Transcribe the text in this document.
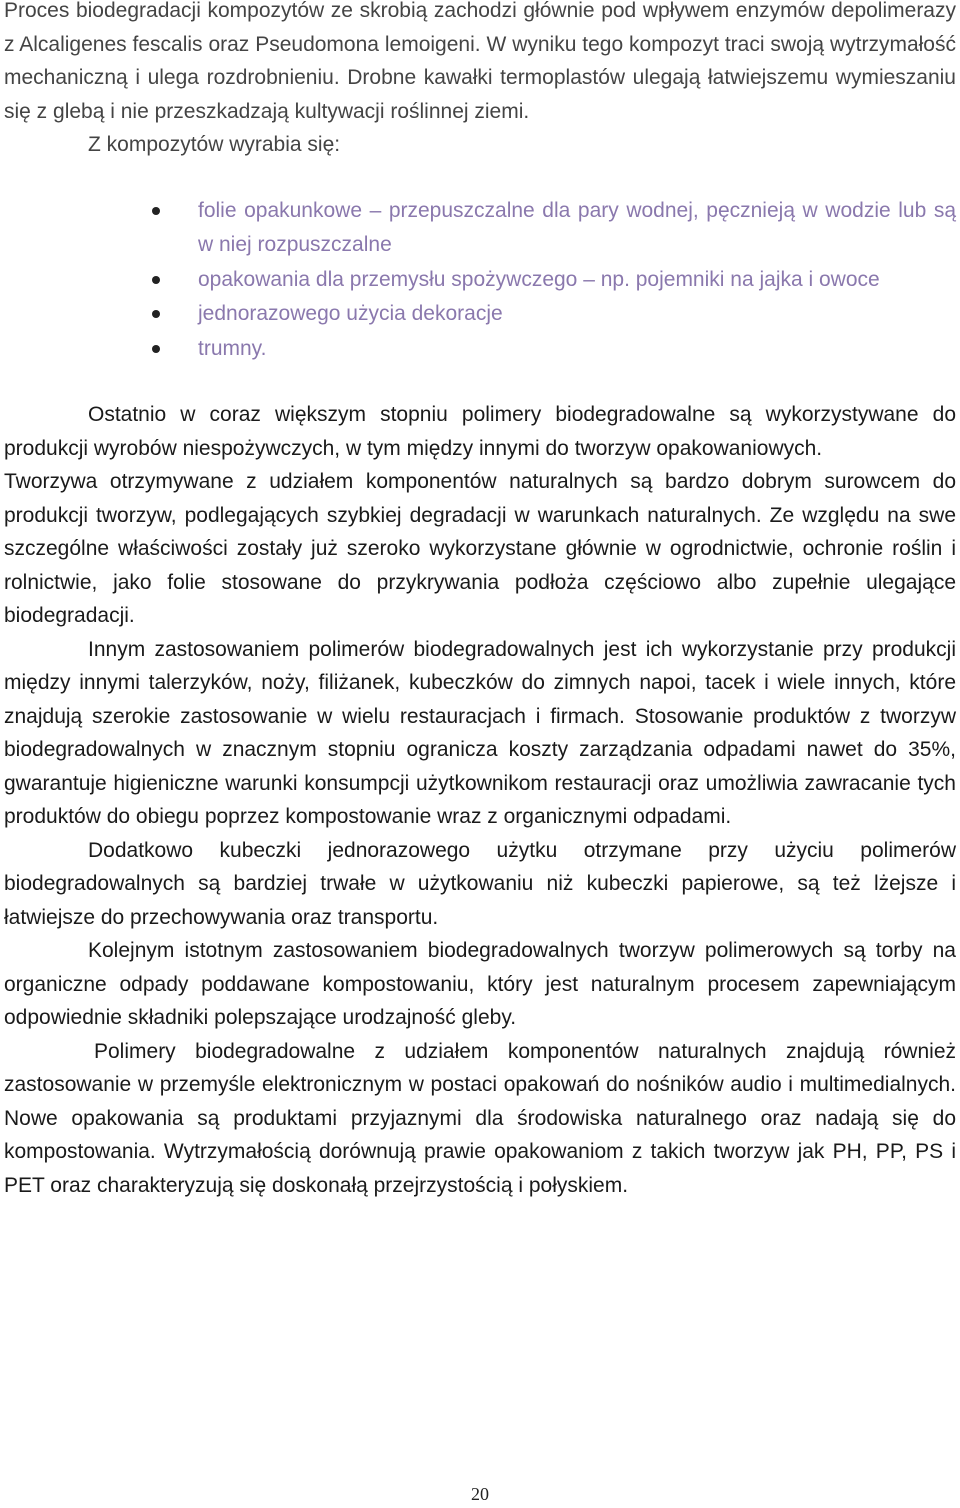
Proces biodegradacji kompozytów ze skrobią zachodzi głównie pod wpływem enzymów depolimerazy z Alcaligenes fescalis oraz Pseudomona lemoigeni. W wyniku tego kompozyt traci swoją wytrzymałość mechaniczną i ulega rozdrobnieniu. Drobne kawałki termoplastów ulegają łatwiejszemu wymieszaniu się z glebą i nie przeszkadzają kultywacji roślinnej ziemi.

Z kompozytów wyrabia się:

folie opakunkowe – przepuszczalne dla pary wodnej, pęcznieją w wodzie lub są w niej rozpuszczalne
opakowania dla przemysłu spożywczego – np. pojemniki na jajka i owoce
jednorazowego użycia dekoracje
trumny.

Ostatnio w coraz większym stopniu polimery biodegradowalne są wykorzystywane do produkcji wyrobów niespożywczych, w tym między innymi do tworzyw opakowaniowych.

Tworzywa otrzymywane z udziałem komponentów naturalnych są bardzo dobrym surowcem do produkcji tworzyw, podlegających szybkiej degradacji w warunkach naturalnych. Ze względu na swe szczególne właściwości zostały już szeroko wykorzystane głównie w ogrodnictwie, ochronie roślin i rolnictwie, jako folie stosowane do przykrywania podłoża częściowo albo zupełnie ulegające biodegradacji.

Innym zastosowaniem polimerów biodegradowalnych jest ich wykorzystanie przy produkcji między innymi talerzyków, noży, filiżanek, kubeczków do zimnych napoi, tacek i wiele innych, które znajdują szerokie zastosowanie w wielu restauracjach i firmach. Stosowanie produktów z tworzyw biodegradowalnych w znacznym stopniu ogranicza koszty zarządzania odpadami nawet do 35%, gwarantuje higieniczne warunki konsumpcji użytkownikom restauracji oraz umożliwia zawracanie tych produktów do obiegu poprzez kompostowanie wraz z organicznymi odpadami.

Dodatkowo kubeczki jednorazowego użytku otrzymane przy użyciu polimerów biodegradowalnych są bardziej trwałe w użytkowaniu niż kubeczki papierowe, są też lżejsze i łatwiejsze do przechowywania oraz transportu.

Kolejnym istotnym zastosowaniem biodegradowalnych tworzyw polimerowych są torby na organiczne odpady poddawane kompostowaniu, który jest naturalnym procesem zapewniającym odpowiednie składniki polepszające urodzajność gleby.

Polimery biodegradowalne z udziałem komponentów naturalnych znajdują również zastosowanie w przemyśle elektronicznym w postaci opakowań do nośników audio i multimedialnych. Nowe opakowania są produktami przyjaznymi dla środowiska naturalnego oraz nadają się do kompostowania. Wytrzymałością dorównują prawie opakowaniom z takich tworzyw jak PH, PP, PS i PET oraz charakteryzują się doskonałą przejrzystością i połyskiem.

20
